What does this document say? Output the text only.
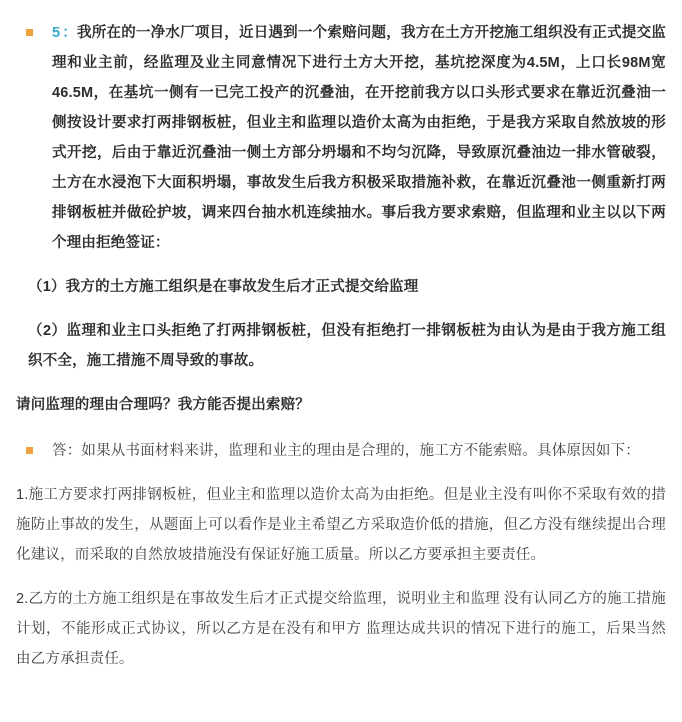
5 ：我所在的一净水厂项目，近日遇到一个索赔问题，我方在土方开挖施工组织没有正式提交监理和业主前，经监理及业主同意情况下进行土方大开挖，基坑挖深度为4.5M，上口长98M宽46.5M，在基坑一侧有一已完工投产的沉叠油，在开挖前我方以口头形式要求在靠近沉叠油一侧按设计要求打两排钢板桩，但业主和监理以造价太高为由拒绝，于是我方采取自然放坡的形式开挖，后由于靠近沉叠油一侧土方部分坍塌和不均匀沉降，导致原沉叠油边一排水管破裂，土方在水浸泡下大面积坍塌，事故发生后我方积极采取措施补救，在靠近沉叠池一侧重新打两排钢板桩并做砼护坡，调来四台抽水机连续抽水。事后我方要求索赔，但监理和业主以以下两个理由拒绝签证：

（1）我方的土方施工组织是在事故发生后才正式提交给监理

（2）监理和业主口头拒绝了打两排钢板桩，但没有拒绝打一排钢板桩为由认为是由于我方施工组织不全，施工措施不周导致的事故。

请问监理的理由合理吗？我方能否提出索赔？

答：如果从书面材料来讲，监理和业主的理由是合理的，施工方不能索赔。具体原因如下：

1.施工方要求打两排钢板桩，但业主和监理以造价太高为由拒绝。但是业主没有叫你不采取有效的措施防止事故的发生，从题面上可以看作是业主希望乙方采取造价低的措施，但乙方没有继续提出合理化建议，而采取的自然放坡措施没有保证好施工质量。所以乙方要承担主要责任。

2.乙方的土方施工组织是在事故发生后才正式提交给监理，说明业主和监理 没有认同乙方的施工措施计划，不能形成正式协议，所以乙方是在没有和甲方 监理达成共识的情况下进行的施工，后果当然由乙方承担责任。
